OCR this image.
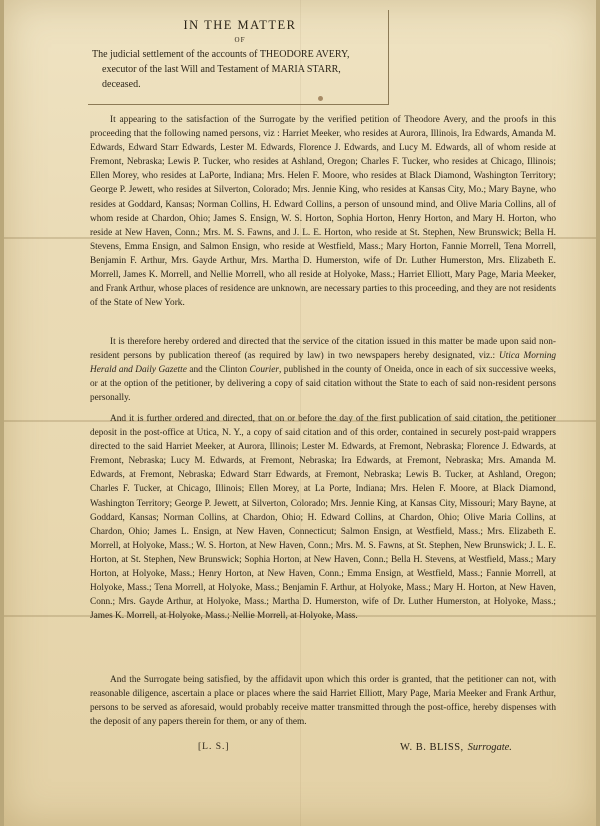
IN THE MATTER
OF
The judicial settlement of the accounts of THEODORE AVERY,
executor of the last Will and Testament of MARIA STARR,
deceased.
It appearing to the satisfaction of the Surrogate by the verified petition of Theodore Avery, and the proofs in this proceeding that the following named persons, viz : Harriet Meeker, who resides at Aurora, Illinois, Ira Edwards, Amanda M. Edwards, Edward Starr Edwards, Lester M. Edwards, Florence J. Edwards, and Lucy M. Edwards, all of whom reside at Fremont, Nebraska; Lewis P. Tucker, who resides at Ashland, Oregon; Charles F. Tucker, who resides at Chicago, Illinois; Ellen Morey, who resides at LaPorte, Indiana; Mrs. Helen F. Moore, who resides at Black Diamond, Washington Territory; George P. Jewett, who resides at Silverton, Colorado; Mrs. Jennie King, who resides at Kansas City, Mo.; Mary Bayne, who resides at Goddard, Kansas; Norman Collins, H. Edward Collins, a person of unsound mind, and Olive Maria Collins, all of whom reside at Chardon, Ohio; James S. Ensign, W. S. Horton, Sophia Horton, Henry Horton, and Mary H. Horton, who reside at New Haven, Conn.; Mrs. M. S. Fawns, and J. L. E. Horton, who reside at St. Stephen, New Brunswick; Bella H. Stevens, Emma Ensign, and Salmon Ensign, who reside at Westfield, Mass.; Mary Horton, Fannie Morrell, Tena Morrell, Benjamin F. Arthur, Mrs. Gayde Arthur, Mrs. Martha D. Humerston, wife of Dr. Luther Humerston, Mrs. Elizabeth E. Morrell, James K. Morrell, and Nellie Morrell, who all reside at Holyoke, Mass.; Harriet Elliott, Mary Page, Maria Meeker, and Frank Arthur, whose places of residence are unknown, are necessary parties to this proceeding, and they are not residents of the State of New York.
It is therefore hereby ordered and directed that the service of the citation issued in this matter be made upon said non-resident persons by publication thereof (as required by law) in two newspapers hereby designated, viz.: Utica Morning Herald and Daily Gazette and the Clinton Courier, published in the county of Oneida, once in each of six successive weeks, or at the option of the petitioner, by delivering a copy of said citation without the State to each of said non-resident persons personally.
And it is further ordered and directed, that on or before the day of the first publication of said citation, the petitioner deposit in the post-office at Utica, N. Y., a copy of said citation and of this order, contained in securely post-paid wrappers directed to the said Harriet Meeker, at Aurora, Illinois; Lester M. Edwards, at Fremont, Nebraska; Florence J. Edwards, at Fremont, Nebraska; Lucy M. Edwards, at Fremont, Nebraska; Ira Edwards, at Fremont, Nebraska; Mrs. Amanda M. Edwards, at Fremont, Nebraska; Edward Starr Edwards, at Fremont, Nebraska; Lewis B. Tucker, at Ashland, Oregon; Charles F. Tucker, at Chicago, Illinois; Ellen Morey, at La Porte, Indiana; Mrs. Helen F. Moore, at Black Diamond, Washington Territory; George P. Jewett, at Silverton, Colorado; Mrs. Jennie King, at Kansas City, Missouri; Mary Bayne, at Goddard, Kansas; Norman Collins, at Chardon, Ohio; H. Edward Collins, at Chardon, Ohio; Olive Maria Collins, at Chardon, Ohio; James L. Ensign, at New Haven, Connecticut; Salmon Ensign, at Westfield, Mass.; Mrs. Elizabeth E. Morrell, at Holyoke, Mass.; W. S. Horton, at New Haven, Conn.; Mrs. M. S. Fawns, at St. Stephen, New Brunswick; J. L. E. Horton, at St. Stephen, New Brunswick; Sophia Horton, at New Haven, Conn.; Bella H. Stevens, at Westfield, Mass.; Mary Horton, at Holyoke, Mass.; Henry Horton, at New Haven, Conn.; Emma Ensign, at Westfield, Mass.; Fannie Morrell, at Holyoke, Mass.; Tena Morrell, at Holyoke, Mass.; Benjamin F. Arthur, at Holyoke, Mass.; Mary H. Horton, at New Haven, Conn.; Mrs. Gayde Arthur, at Holyoke, Mass.; Martha D. Humerston, wife of Dr. Luther Humerston, at Holyoke, Mass.; James K. Morrell, at Holyoke, Mass.; Nellie Morrell, at Holyoke, Mass.
And the Surrogate being satisfied, by the affidavit upon which this order is granted, that the petitioner can not, with reasonable diligence, ascertain a place or places where the said Harriet Elliott, Mary Page, Maria Meeker and Frank Arthur, persons to be served as aforesaid, would probably receive matter transmitted through the post-office, hereby dispenses with the deposit of any papers therein for them, or any of them.
[L. S.]	W. B. BLISS, Surrogate.
